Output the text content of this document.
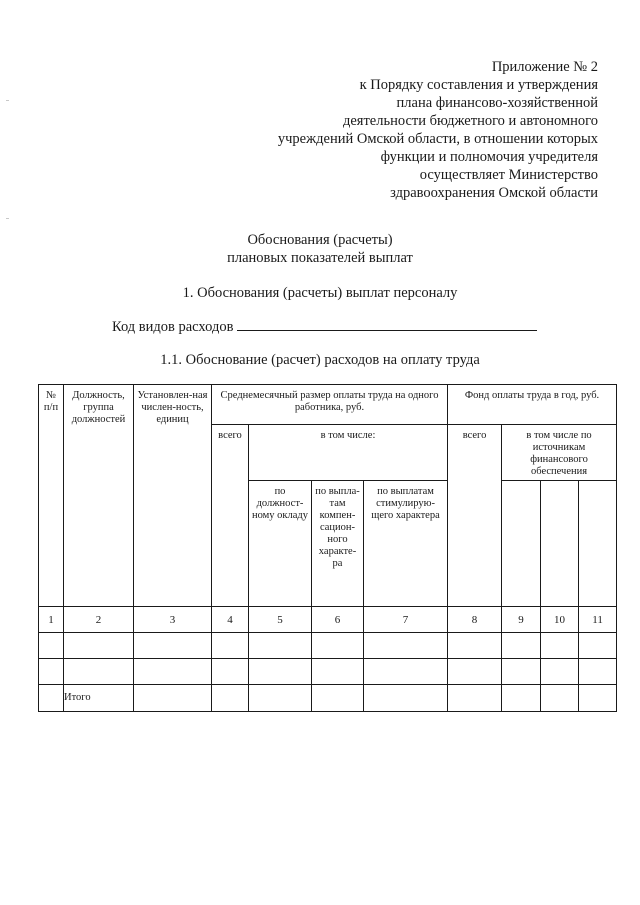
Приложение № 2
к Порядку составления и утверждения
плана финансово-хозяйственной
деятельности бюджетного и автономного
учреждений Омской области, в отношении которых
функции и полномочия учредителя
осуществляет Министерство
здравоохранения Омской области
Обоснования (расчеты)
плановых показателей выплат
1. Обоснования (расчеты) выплат персоналу
Код видов расходов
1.1. Обоснование (расчет) расходов на оплату труда
№ п/п	Должность, группа должностей	Установлен-ная числен-ность, единиц	Среднемесячный размер оплаты труда на одного работника, руб.				Фонд оплаты труда в год, руб.			
			всего	в том числе:			всего	в том числе по источникам финансового обеспечения		

				по должност-ному окладу	по выпла-там компен-сацион-ного характе-ра	по выплатам стимулирую-щего характера				
1	2	3	4	5	6	7	8	9	10	11

	Итого									
